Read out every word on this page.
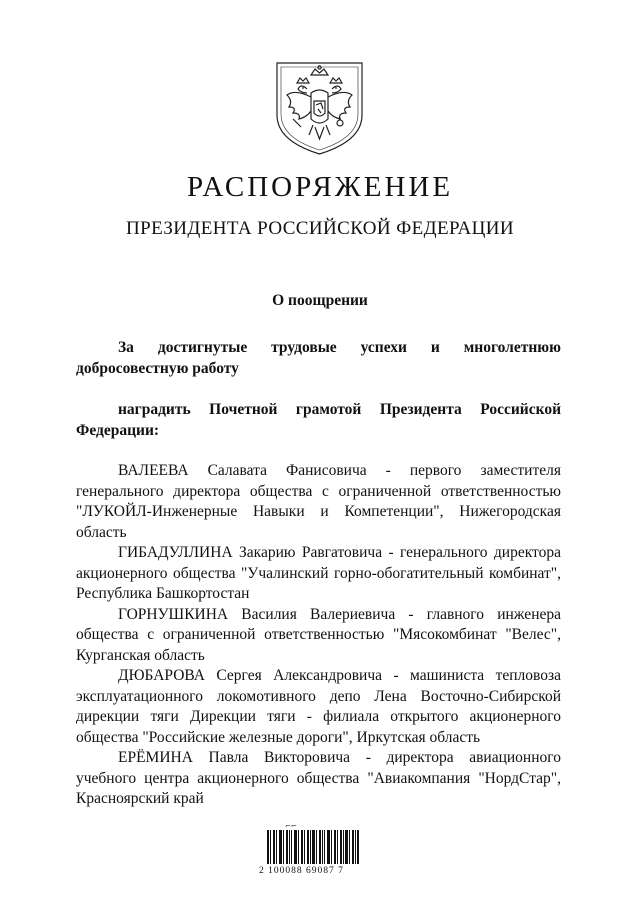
РАСПОРЯЖЕНИЕ
ПРЕЗИДЕНТА РОССИЙСКОЙ ФЕДЕРАЦИИ
О поощрении
За достигнутые трудовые успехи и многолетнюю добросовестную работу
наградить Почетной грамотой Президента Российской Федерации:

ВАЛЕЕВА Салавата Фанисовича - первого заместителя генерального директора общества с ограниченной ответственностью "ЛУКОЙЛ-Инженерные Навыки и Компетенции", Нижегородская область

ГИБАДУЛЛИНА Закарию Равгатовича - генерального директора акционерного общества "Учалинский горно-обогатительный комбинат", Республика Башкортостан

ГОРНУШКИНА Василия Валериевича - главного инженера общества с ограниченной ответственностью "Мясокомбинат "Велес", Курганская область

ДЮБАРОВА Сергея Александровича - машиниста тепловоза эксплуатационного локомотивного депо Лена Восточно-Сибирской дирекции тяги Дирекции тяги - филиала открытого акционерного общества "Российские железные дороги", Иркутская область

ЕРЁМИНА Павла Викторовича - директора авиационного учебного центра акционерного общества "Авиакомпания "НордСтар", Красноярский край

⌐⌐
2 100088 69087 7
